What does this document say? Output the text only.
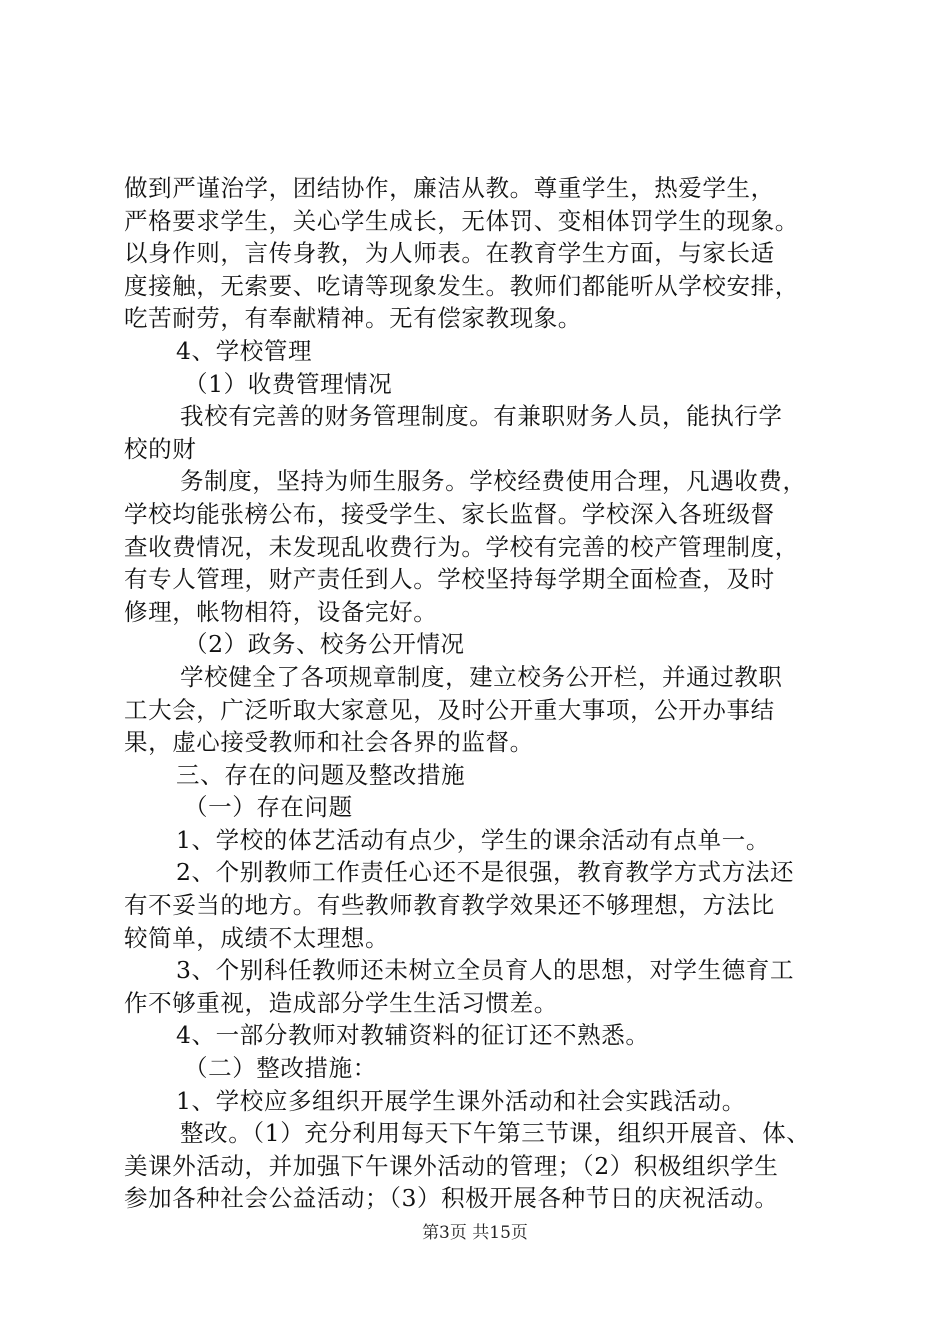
做到严谨治学，团结协作，廉洁从教。尊重学生，热爱学生，
严格要求学生，关心学生成长，无体罚、变相体罚学生的现象。
以身作则，言传身教，为人师表。在教育学生方面，与家长适
度接触，无索要、吃请等现象发生。教师们都能听从学校安排，
吃苦耐劳，有奉献精神。无有偿家教现象。
4、学校管理
（1）收费管理情况
我校有完善的财务管理制度。有兼职财务人员，能执行学
校的财
务制度，坚持为师生服务。学校经费使用合理，凡遇收费，
学校均能张榜公布，接受学生、家长监督。学校深入各班级督
查收费情况，未发现乱收费行为。学校有完善的校产管理制度，
有专人管理，财产责任到人。学校坚持每学期全面检查，及时
修理，帐物相符，设备完好。
（2）政务、校务公开情况
学校健全了各项规章制度，建立校务公开栏，并通过教职
工大会，广泛听取大家意见，及时公开重大事项，公开办事结
果，虚心接受教师和社会各界的监督。
三、存在的问题及整改措施
（一）存在问题
1、学校的体艺活动有点少，学生的课余活动有点单一。
2、个别教师工作责任心还不是很强，教育教学方式方法还
有不妥当的地方。有些教师教育教学效果还不够理想，方法比
较简单，成绩不太理想。
3、个别科任教师还未树立全员育人的思想，对学生德育工
作不够重视，造成部分学生生活习惯差。
4、一部分教师对教辅资料的征订还不熟悉。
（二）整改措施：
1、学校应多组织开展学生课外活动和社会实践活动。
整改。（1）充分利用每天下午第三节课，组织开展音、体、
美课外活动，并加强下午课外活动的管理；（2）积极组织学生
参加各种社会公益活动；（3）积极开展各种节日的庆祝活动。
第3页 共15页
